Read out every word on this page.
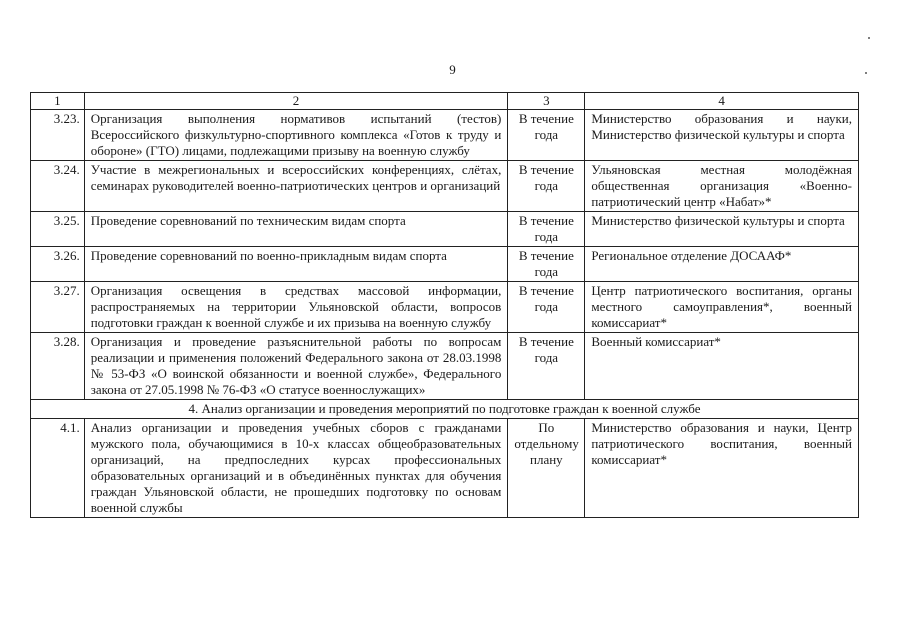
9
1	2	3	4
3.23.	Организация выполнения нормативов испытаний (тестов) Всероссийского физкультурно-спортивного комплекса «Готов к труду и обороне» (ГТО) лицами, подлежащими призыву на военную службу	В течение года	Министерство образования и науки, Министерство физической культуры и спорта
3.24.	Участие в межрегиональных и всероссийских конференциях, слётах, семинарах руководителей военно-патриотических центров и организаций	В течение года	Ульяновская местная молодёжная общественная организация «Военно-патриотический центр «Набат»*
3.25.	Проведение соревнований по техническим видам спорта	В течение года	Министерство физической культуры и спорта
3.26.	Проведение соревнований по военно-прикладным видам спорта	В течение года	Региональное отделение ДОСААФ*
3.27.	Организация освещения в средствах массовой информации, распространяемых на территории Ульяновской области, вопросов подготовки граждан к военной службе и их призыва на военную службу	В течение года	Центр патриотического воспитания, органы местного самоуправления*, военный комиссариат*
3.28.	Организация и проведение разъяснительной работы по вопросам реализации и применения положений Федерального закона от 28.03.1998 № 53-ФЗ «О воинской обязанности и военной службе», Федерального закона от 27.05.1998 № 76-ФЗ «О статусе военнослужащих»	В течение года	Военный комиссариат*
4. Анализ организации и проведения мероприятий по подготовке граждан к военной службе			
4.1.	Анализ организации и проведения учебных сборов с гражданами мужского пола, обучающимися в 10-х классах общеобразовательных организаций, на предпоследних курсах профессиональных образовательных организаций и в объединённых пунктах для обучения граждан Ульяновской области, не прошедших подготовку по основам военной службы	По отдельному плану	Министерство образования и науки, Центр патриотического воспитания, военный комиссариат*
